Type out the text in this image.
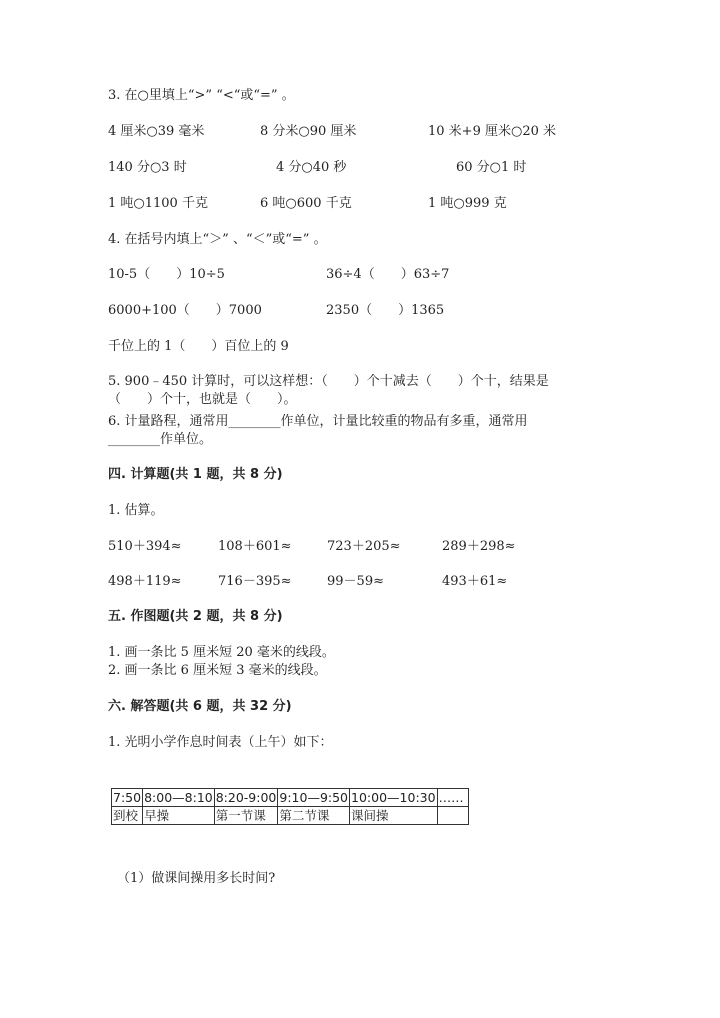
3. 在○里填上“>” “<“或“=” 。
4 厘米○39 毫米	8 分米○90 厘米	10 米+9 厘米○20 米
140 分○3 时	4 分○40 秒	60 分○1 时
1 吨○1100 千克	6 吨○600 千克	1 吨○999 克
4. 在括号内填上“＞” 、“＜”或“=” 。
10-5（　　）10÷5	36÷4（　　）63÷7
6000+100（　　）7000	2350（　　）1365
千位上的 1（　　）百位上的 9
5. 900﹣450 计算时，可以这样想：（　　）个十减去（　　）个十，结果是
（　　）个十，也就是（　　）。
6. 计量路程，通常用________作单位，计量比较重的物品有多重，通常用
________作单位。
四. 计算题(共 1 题，共 8 分)
1. 估算。
510＋394≈	108＋601≈	723＋205≈	289＋298≈
498＋119≈	716－395≈	99－59≈	493＋61≈
五. 作图题(共 2 题，共 8 分)
1. 画一条比 5 厘米短 20 毫米的线段。
2. 画一条比 6 厘米短 3 毫米的线段。
六. 解答题(共 6 题，共 32 分)
1. 光明小学作息时间表（上午）如下：
7:50	8:00—8:10	8:20-9:00	9:10—9:50	10:00—10:30	……
到校	早操	第一节课	第二节课	课间操	
（1）做课间操用多长时间?
